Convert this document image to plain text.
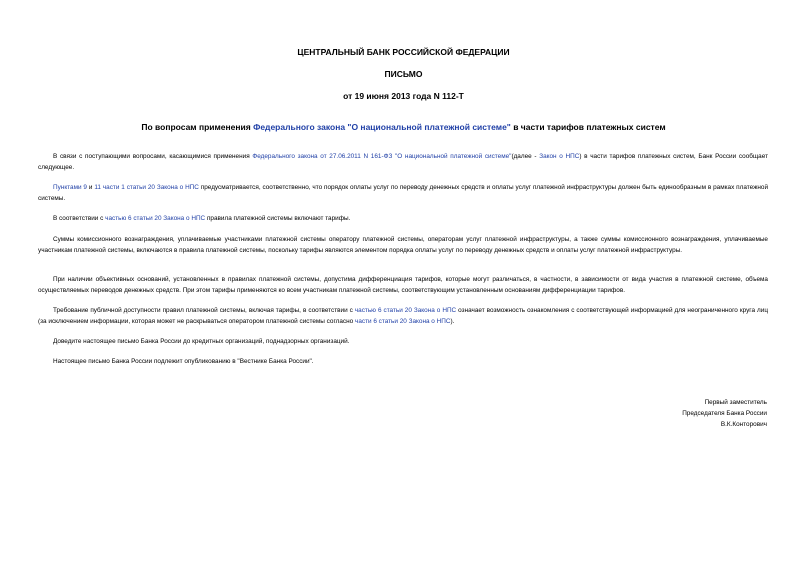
ЦЕНТРАЛЬНЫЙ БАНК РОССИЙСКОЙ ФЕДЕРАЦИИ
ПИСЬМО
от 19 июня 2013 года N 112-Т
По вопросам применения Федерального закона "О национальной платежной системе" в части тарифов платежных систем

В связи с поступающими вопросами, касающимися применения Федерального закона от 27.06.2011 N 161-ФЗ "О национальной платежной системе"(далее - Закон о НПС) в части тарифов платежных систем, Банк России сообщает следующее.

Пунктами 9 и 11 части 1 статьи 20 Закона о НПС предусматривается, соответственно, что порядок оплаты услуг по переводу денежных средств и оплаты услуг платежной инфраструктуры должен быть единообразным в рамках платежной системы.

В соответствии с частью 6 статьи 20 Закона о НПС правила платежной системы включают тарифы.

Суммы комиссионного вознаграждения, уплачиваемые участниками платежной системы оператору платежной системы, операторам услуг платежной инфраструктуры, а также суммы комиссионного вознаграждения, уплачиваемые участникам платежной системы, включаются в правила платежной системы, поскольку тарифы являются элементом порядка оплаты услуг по переводу денежных средств и оплаты услуг платежной инфраструктуры.

При наличии объективных оснований, установленных в правилах платежной системы, допустима дифференциация тарифов, которые могут различаться, в частности, в зависимости от вида участия в платежной системе, объема осуществляемых переводов денежных средств. При этом тарифы применяются ко всем участникам платежной системы, соответствующим установленным основаниям дифференциации тарифов.

Требование публичной доступности правил платежной системы, включая тарифы, в соответствии с частью 6 статьи 20 Закона о НПС означает возможность ознакомления с соответствующей информацией для неограниченного круга лиц (за исключением информации, которая может не раскрываться оператором платежной системы согласно части 6 статьи 20 Закона о НПС).

Доведите настоящее письмо Банка России до кредитных организаций, поднадзорных организаций.

Настоящее письмо Банка России подлежит опубликованию в "Вестнике Банка России".

Первый заместитель
Председателя Банка России
В.К.Конторович
